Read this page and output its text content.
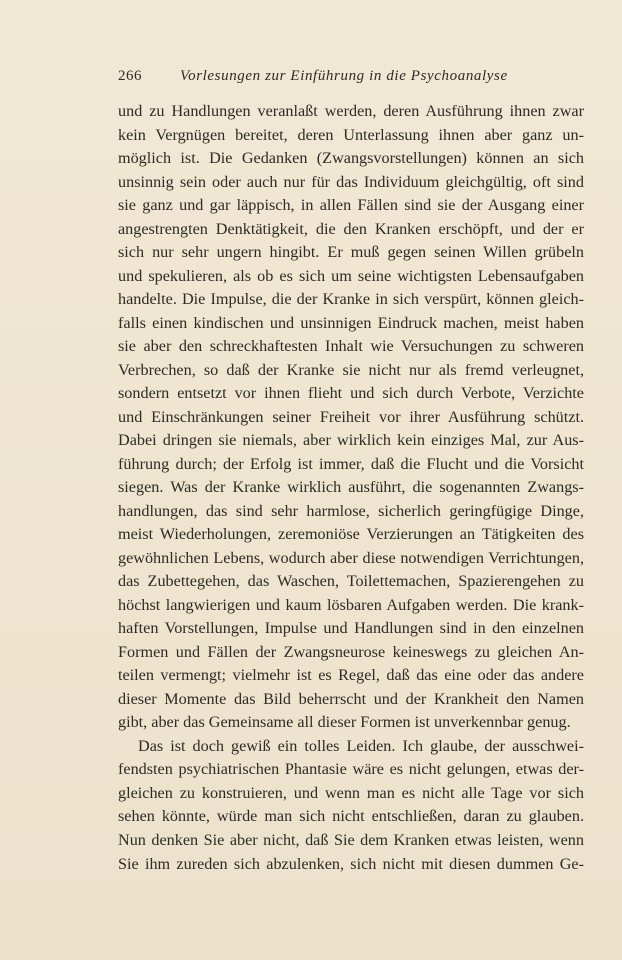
266	Vorlesungen zur Einführung in die Psychoanalyse
und zu Handlungen veranlaßt werden, deren Ausführung ihnen zwar
kein Vergnügen bereitet, deren Unterlassung ihnen aber ganz un-
möglich ist. Die Gedanken (Zwangsvorstellungen) können an sich
unsinnig sein oder auch nur für das Individuum gleichgültig, oft sind
sie ganz und gar läppisch, in allen Fällen sind sie der Ausgang einer
angestrengten Denktätigkeit, die den Kranken erschöpft, und der er
sich nur sehr ungern hingibt. Er muß gegen seinen Willen grübeln
und spekulieren, als ob es sich um seine wichtigsten Lebensaufgaben
handelte. Die Impulse, die der Kranke in sich verspürt, können gleich-
falls einen kindischen und unsinnigen Eindruck machen, meist haben
sie aber den schreckhaftesten Inhalt wie Versuchungen zu schweren
Verbrechen, so daß der Kranke sie nicht nur als fremd verleugnet,
sondern entsetzt vor ihnen flieht und sich durch Verbote, Verzichte
und Einschränkungen seiner Freiheit vor ihrer Ausführung schützt.
Dabei dringen sie niemals, aber wirklich kein einziges Mal, zur Aus-
führung durch; der Erfolg ist immer, daß die Flucht und die Vorsicht
siegen. Was der Kranke wirklich ausführt, die sogenannten Zwangs-
handlungen, das sind sehr harmlose, sicherlich geringfügige Dinge,
meist Wiederholungen, zeremoniöse Verzierungen an Tätigkeiten des
gewöhnlichen Lebens, wodurch aber diese notwendigen Verrichtungen,
das Zubettegehen, das Waschen, Toilettemachen, Spazierengehen zu
höchst langwierigen und kaum lösbaren Aufgaben werden. Die krank-
haften Vorstellungen, Impulse und Handlungen sind in den einzelnen
Formen und Fällen der Zwangsneurose keineswegs zu gleichen An-
teilen vermengt; vielmehr ist es Regel, daß das eine oder das andere
dieser Momente das Bild beherrscht und der Krankheit den Namen
gibt, aber das Gemeinsame all dieser Formen ist unverkennbar genug.
Das ist doch gewiß ein tolles Leiden. Ich glaube, der ausschwei-
fendsten psychiatrischen Phantasie wäre es nicht gelungen, etwas der-
gleichen zu konstruieren, und wenn man es nicht alle Tage vor sich
sehen könnte, würde man sich nicht entschließen, daran zu glauben.
Nun denken Sie aber nicht, daß Sie dem Kranken etwas leisten, wenn
Sie ihm zureden sich abzulenken, sich nicht mit diesen dummen Ge-
